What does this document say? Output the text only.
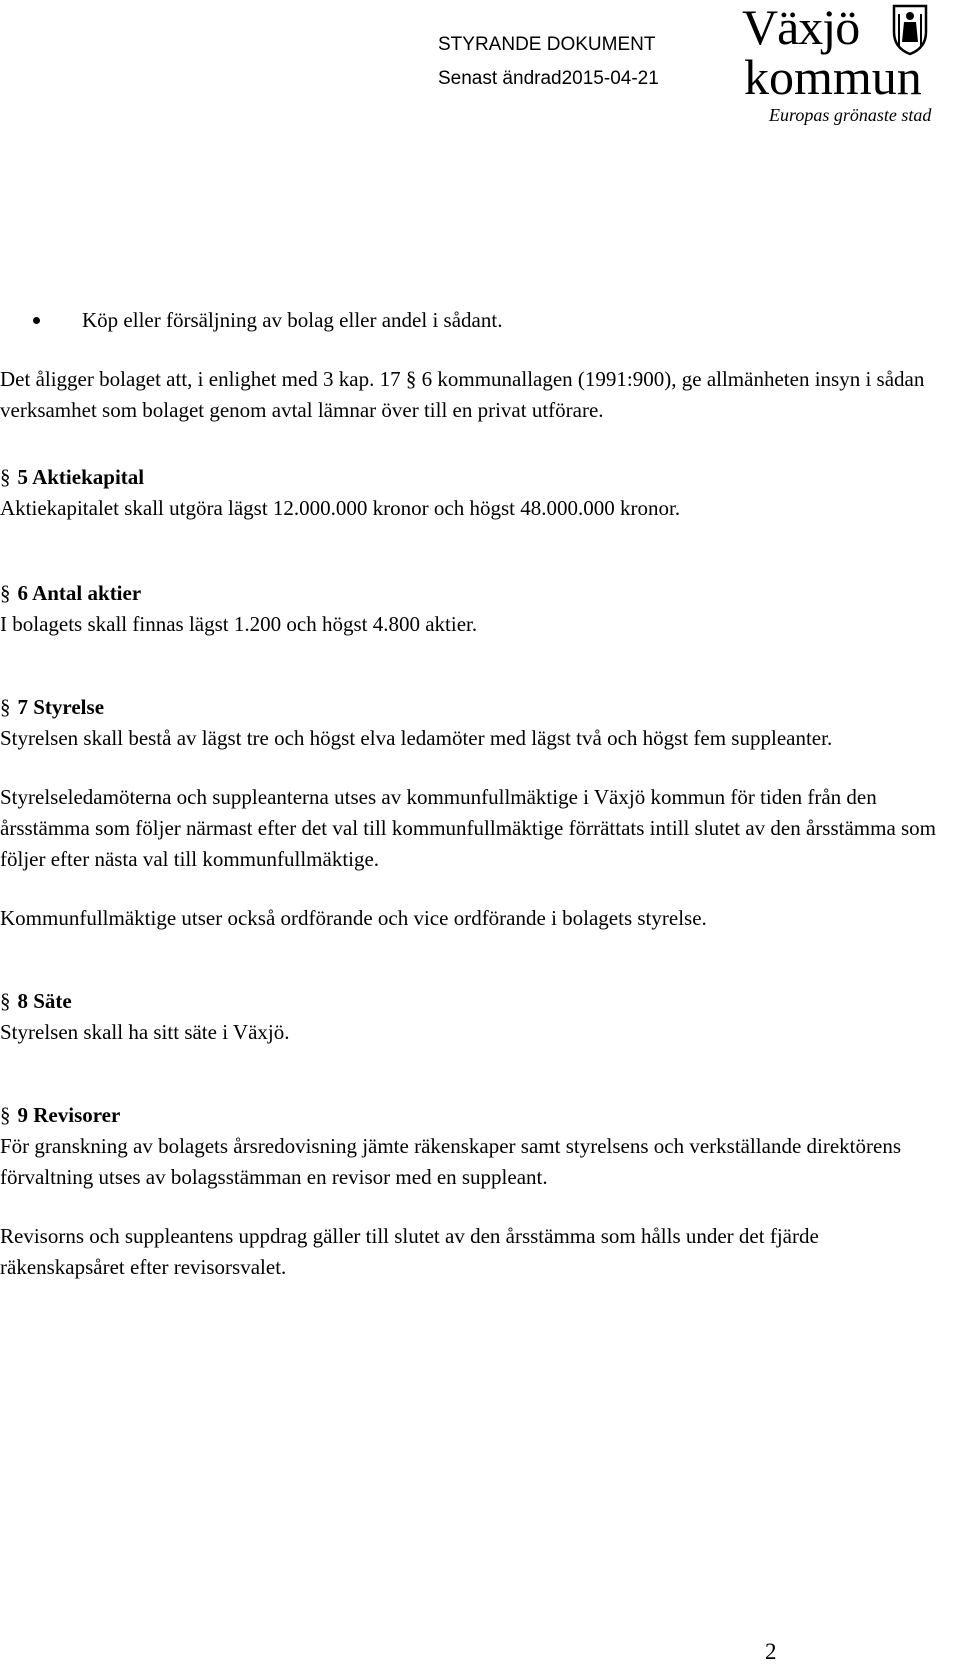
STYRANDE DOKUMENT
Senast ändrad2015-04-21
Växjö
kommun
Europas grönaste stad
Köp eller försäljning av bolag eller andel i sådant.

Det åligger bolaget att, i enlighet med 3 kap. 17 § 6 kommunallagen (1991:900), ge allmänheten insyn i sådan verksamhet som bolaget genom avtal lämnar över till en privat utförare.

§ 5 Aktiekapital

Aktiekapitalet skall utgöra lägst 12.000.000 kronor och högst 48.000.000 kronor.

§ 6 Antal aktier

I bolagets skall finnas lägst 1.200 och högst 4.800 aktier.

§ 7 Styrelse

Styrelsen skall bestå av lägst tre och högst elva ledamöter med lägst två och högst fem suppleanter.

Styrelseledamöterna och suppleanterna utses av kommunfullmäktige i Växjö kommun för tiden från den årsstämma som följer närmast efter det val till kommunfullmäktige förrättats intill slutet av den årsstämma som följer efter nästa val till kommunfullmäktige.

Kommunfullmäktige utser också ordförande och vice ordförande i bolagets styrelse.

§ 8 Säte

Styrelsen skall ha sitt säte i Växjö.

§ 9 Revisorer

För granskning av bolagets årsredovisning jämte räkenskaper samt styrelsens och verkställande direktörens förvaltning utses av bolagsstämman en revisor med en suppleant.

Revisorns och suppleantens uppdrag gäller till slutet av den årsstämma som hålls under det fjärde räkenskapsåret efter revisorsvalet.

2
